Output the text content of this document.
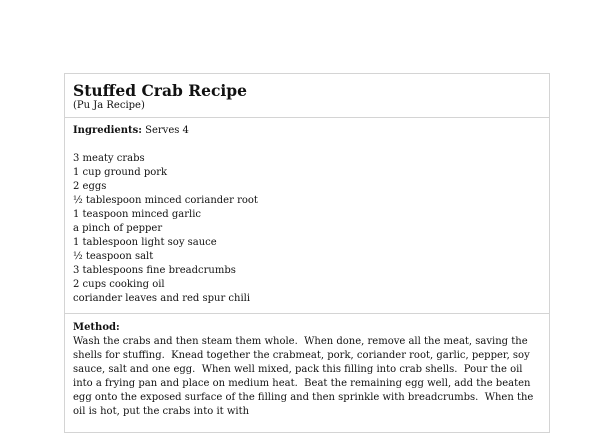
Stuffed Crab Recipe

(Pu Ja Recipe)

Ingredients: Serves 4

3 meaty crabs
1 cup ground pork
2 eggs
½ tablespoon minced coriander root
1 teaspoon minced garlic
a pinch of pepper
1 tablespoon light soy sauce
½ teaspoon salt
3 tablespoons fine breadcrumbs
2 cups cooking oil
coriander leaves and red spur chili

Method:

Wash the crabs and then steam them whole.  When done, remove all the meat, saving the shells for stuffing.  Knead together the crabmeat, pork, coriander root, garlic, pepper, soy sauce, salt and one egg.  When well mixed, pack this filling into crab shells.  Pour the oil into a frying pan and place on medium heat.  Beat the remaining egg well, add the beaten egg onto the exposed surface of the filling and then sprinkle with breadcrumbs.  When the oil is hot, put the crabs into it with
